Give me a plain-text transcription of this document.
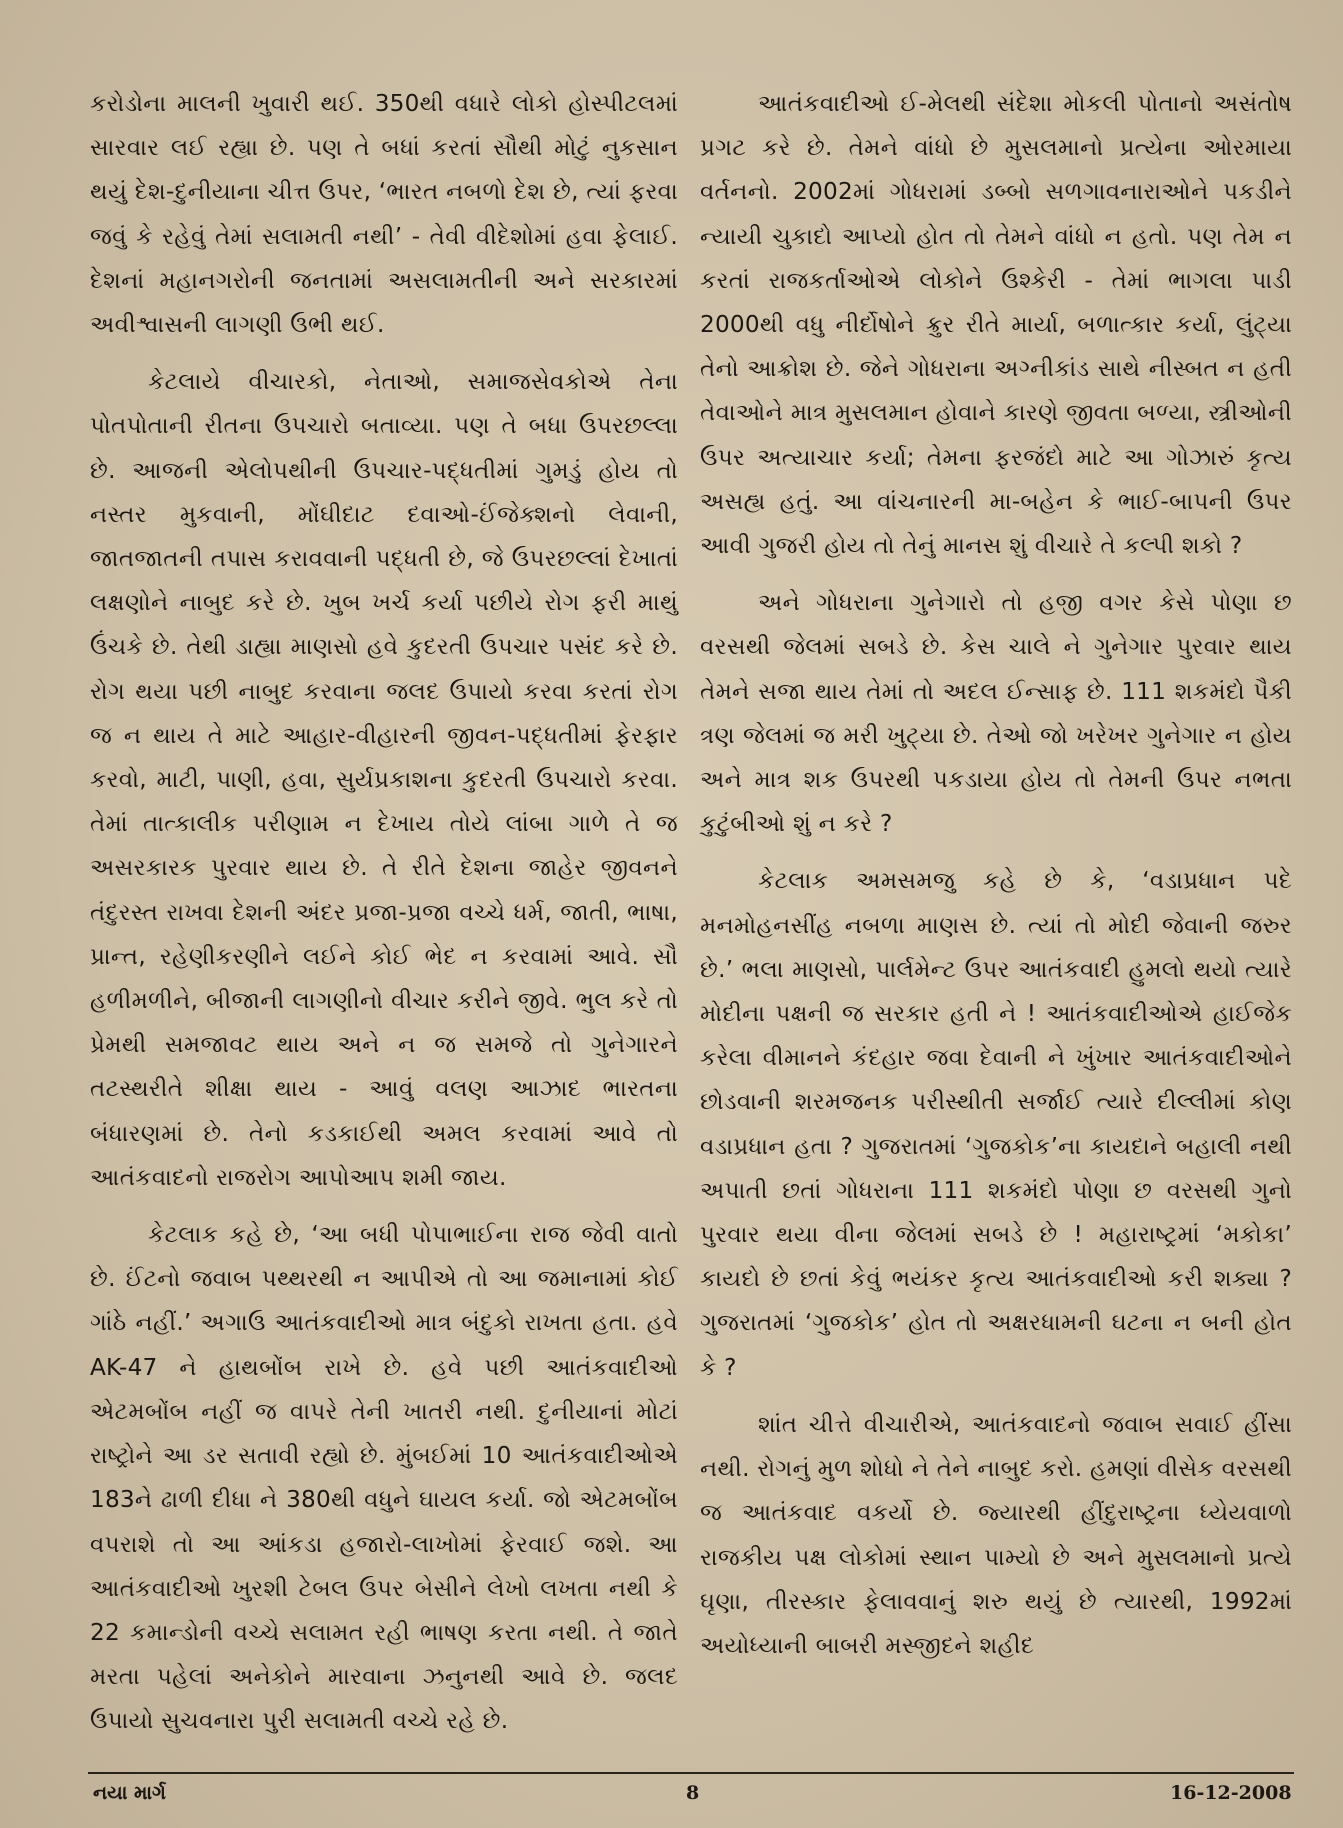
કરોડોના માલની ખુવારી થઈ. 350થી વધારે લોકો હોસ્પીટલમાં સારવાર લઈ રહ્યા છે. પણ તે બધાં કરતાં સૌથી મોટું નુકસાન થયું દેશ-દુનીયાના ચીત્ત ઉપર, ‘ભારત નબળો દેશ છે, ત્યાં ફરવા જવું કે રહેવું તેમાં સલામતી નથી’ - તેવી વીદેશોમાં હવા ફેલાઈ. દેશનાં મહાનગરોની જનતામાં અસલામતીની અને સરકારમાં અવીશ્વાસની લાગણી ઉભી થઈ.

કેટલાયે વીચારકો, નેતાઓ, સમાજસેવકોએ તેના પોતપોતાની રીતના ઉપચારો બતાવ્યા. પણ તે બધા ઉપરછલ્લા છે. આજની એલોપથીની ઉપચાર-પદ્ધતીમાં ગુમડું હોય તો નસ્તર મુકવાની, મોંઘીદાટ દવાઓ-ઈંજેક્શનો લેવાની, જાતજાતની તપાસ કરાવવાની પદ્ધતી છે, જે ઉપરછલ્લાં દેખાતાં લક્ષણોને નાબુદ કરે છે. ખુબ ખર્ચ કર્યા પછીયે રોગ ફરી માથું ઉંચકે છે. તેથી ડાહ્યા માણસો હવે કુદરતી ઉપચાર પસંદ કરે છે. રોગ થયા પછી નાબુદ કરવાના જલદ ઉપાયો કરવા કરતાં રોગ જ ન થાય તે માટે આહાર-વીહારની જીવન-પદ્ધતીમાં ફેરફાર કરવો, માટી, પાણી, હવા, સુર્યપ્રકાશના કુદરતી ઉપચારો કરવા. તેમાં તાત્કાલીક પરીણામ ન દેખાય તોયે લાંબા ગાળે તે જ અસરકારક પુરવાર થાય છે. તે રીતે દેશના જાહેર જીવનને તંદુરસ્ત રાખવા દેશની અંદર પ્રજા-પ્રજા વચ્ચે ધર્મ, જાતી, ભાષા, પ્રાન્ત, રહેણીકરણીને લઈને કોઈ ભેદ ન કરવામાં આવે. સૌ હળીમળીને, બીજાની લાગણીનો વીચાર કરીને જીવે. ભુલ કરે તો પ્રેમથી સમજાવટ થાય અને ન જ સમજે તો ગુનેગારને તટસ્થરીતે શીક્ષા થાય - આવું વલણ આઝાદ ભારતના બંધારણમાં છે. તેનો કડકાઈથી અમલ કરવામાં આવે તો આતંકવાદનો રાજરોગ આપોઆપ શમી જાય.

કેટલાક કહે છે, ‘આ બધી પોપાભાઈના રાજ જેવી વાતો છે. ઈંટનો જવાબ પથ્થરથી ન આપીએ તો આ જમાનામાં કોઈ ગાંઠે નહીં.’ અગાઉ આતંકવાદીઓ માત્ર બંદુકો રાખતા હતા. હવે AK-47 ને હાથબોંબ રાખે છે. હવે પછી આતંકવાદીઓ એટમબોંબ નહીં જ વાપરે તેની ખાતરી નથી. દુનીયાનાં મોટાં રાષ્ટ્રોને આ ડર સતાવી રહ્યો છે. મુંબઈમાં 10 આતંકવાદીઓએ 183ને ઢાળી દીધા ને 380થી વધુને ઘાયલ કર્યા. જો એટમબોંબ વપરાશે તો આ આંકડા હજારો-લાખોમાં ફેરવાઈ જશે. આ આતંકવાદીઓ ખુરશી ટેબલ ઉપર બેસીને લેખો લખતા નથી કે 22 કમાન્ડોની વચ્ચે સલામત રહી ભાષણ કરતા નથી. તે જાતે મરતા પહેલાં અનેકોને મારવાના ઝનુનથી આવે છે. જલદ ઉપાયો સુચવનારા પુરી સલામતી વચ્ચે રહે છે.

આતંકવાદીઓ ઈ-મેલથી સંદેશા મોકલી પોતાનો અસંતોષ પ્રગટ કરે છે. તેમને વાંધો છે મુસલમાનો પ્રત્યેના ઓરમાયા વર્તનનો. 2002માં ગોધરામાં ડબ્બો સળગાવનારાઓને પકડીને ન્યાયી ચુકાદો આપ્યો હોત તો તેમને વાંધો ન હતો. પણ તેમ ન કરતાં રાજકર્તાઓએ લોકોને ઉશ્કેરી - તેમાં ભાગલા પાડી 2000થી વધુ નીર્દોષોને ક્રુર રીતે માર્યા, બળાત્કાર કર્યા, લુંટ્યા તેનો આક્રોશ છે. જેને ગોધરાના અગ્નીકાંડ સાથે નીસ્બત ન હતી તેવાઓને માત્ર મુસલમાન હોવાને કારણે જીવતા બળ્યા, સ્ત્રીઓની ઉપર અત્યાચાર કર્યા; તેમના ફરજંદો માટે આ ગોઝારું કૃત્ય અસહ્ય હતું. આ વાંચનારની મા-બહેન કે ભાઈ-બાપની ઉપર આવી ગુજરી હોય તો તેનું માનસ શું વીચારે તે કલ્પી શકો ?

અને ગોધરાના ગુનેગારો તો હજી વગર કેસે પોણા છ વરસથી જેલમાં સબડે છે. કેસ ચાલે ને ગુનેગાર પુરવાર થાય તેમને સજા થાય તેમાં તો અદલ ઈન્સાફ છે. 111 શકમંદો પૈકી ત્રણ જેલમાં જ મરી ખુટ્યા છે. તેઓ જો ખરેખર ગુનેગાર ન હોય અને માત્ર શક ઉપરથી પકડાયા હોય તો તેમની ઉપર નભતા કુટુંબીઓ શું ન કરે ?

કેટલાક અમસમજુ કહે છે કે, ‘વડાપ્રધાન પદે મનમોહનસીંહ નબળા માણસ છે. ત્યાં તો મોદી જેવાની જરુર છે.’ ભલા માણસો, પાર્લમેન્ટ ઉપર આતંકવાદી હુમલો થયો ત્યારે મોદીના પક્ષની જ સરકાર હતી ને ! આતંકવાદીઓએ હાઈજેક કરેલા વીમાનને કંદહાર જવા દેવાની ને ખુંખાર આતંકવાદીઓને છોડવાની શરમજનક પરીસ્થીતી સર્જાઈ ત્યારે દીલ્લીમાં કોણ વડાપ્રધાન હતા ? ગુજરાતમાં ‘ગુજકોક’ના કાયદાને બહાલી નથી અપાતી છતાં ગોધરાના 111 શકમંદો પોણા છ વરસથી ગુનો પુરવાર થયા વીના જેલમાં સબડે છે ! મહારાષ્ટ્રમાં ‘મકોકા’ કાયદો છે છતાં કેવું ભયંકર કૃત્ય આતંકવાદીઓ કરી શક્યા ? ગુજરાતમાં ‘ગુજકોક’ હોત તો અક્ષરધામની ઘટના ન બની હોત કે ?

શાંત ચીત્તે વીચારીએ, આતંકવાદનો જવાબ સવાઈ હીંસા નથી. રોગનું મુળ શોધો ને તેને નાબુદ કરો. હમણાં વીસેક વરસથી જ આતંકવાદ વકર્યો છે. જ્યારથી હીંદુરાષ્ટ્રના ધ્યેયવાળો રાજકીય પક્ષ લોકોમાં સ્થાન પામ્યો છે અને મુસલમાનો પ્રત્યે ઘૃણા, તીરસ્કાર ફેલાવવાનું શરુ થયું છે ત્યારથી, 1992માં અયોધ્યાની બાબરી મસ્જીદને શહીદ

નયા માર્ગ	8	16-12-2008
